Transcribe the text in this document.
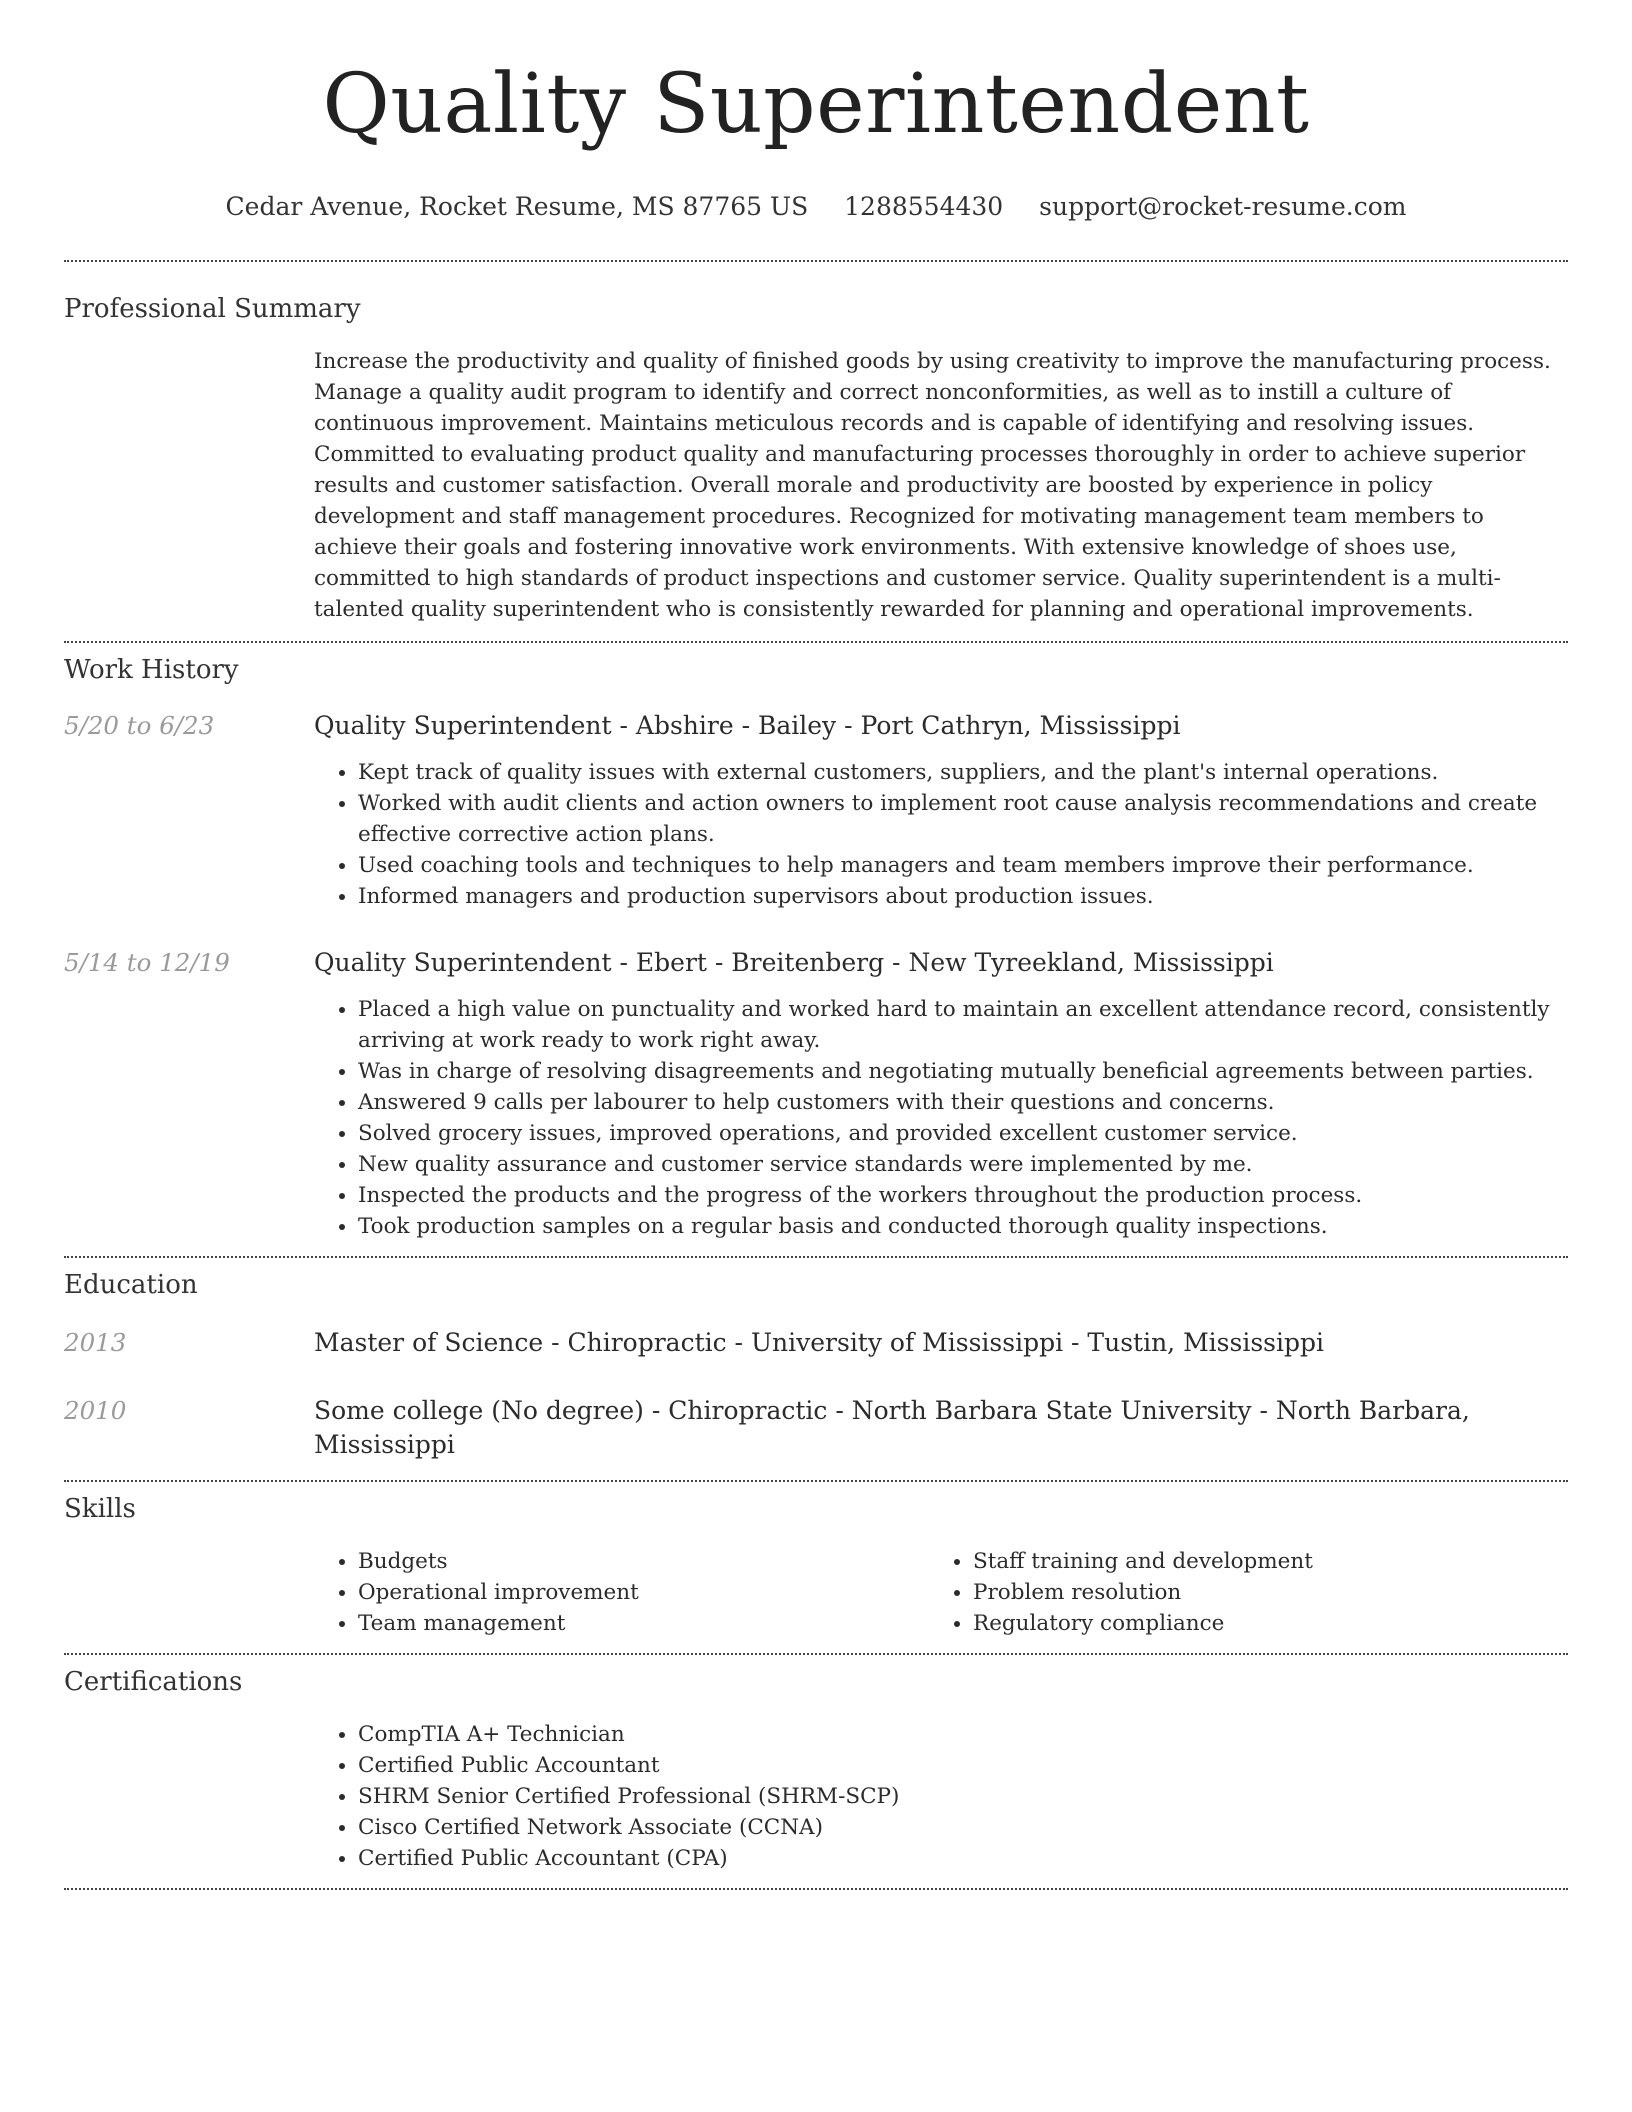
Quality Superintendent
Cedar Avenue, Rocket Resume, MS 87765 US 1288554430 support@rocket-resume.com
Professional Summary
Increase the productivity and quality of finished goods by using creativity to improve the manufacturing process. Manage a quality audit program to identify and correct nonconformities, as well as to instill a culture of continuous improvement. Maintains meticulous records and is capable of identifying and resolving issues. Committed to evaluating product quality and manufacturing processes thoroughly in order to achieve superior results and customer satisfaction. Overall morale and productivity are boosted by experience in policy development and staff management procedures. Recognized for motivating management team members to achieve their goals and fostering innovative work environments. With extensive knowledge of shoes use, committed to high standards of product inspections and customer service. Quality superintendent is a multi-talented quality superintendent who is consistently rewarded for planning and operational improvements.
Work History
5/20 to 6/23	Quality Superintendent - Abshire - Bailey - Port Cathryn, Mississippi
• Kept track of quality issues with external customers, suppliers, and the plant's internal operations.
• Worked with audit clients and action owners to implement root cause analysis recommendations and create effective corrective action plans.
• Used coaching tools and techniques to help managers and team members improve their performance.
• Informed managers and production supervisors about production issues.
5/14 to 12/19	Quality Superintendent - Ebert - Breitenberg - New Tyreekland, Mississippi
• Placed a high value on punctuality and worked hard to maintain an excellent attendance record, consistently arriving at work ready to work right away.
• Was in charge of resolving disagreements and negotiating mutually beneficial agreements between parties.
• Answered 9 calls per labourer to help customers with their questions and concerns.
• Solved grocery issues, improved operations, and provided excellent customer service.
• New quality assurance and customer service standards were implemented by me.
• Inspected the products and the progress of the workers throughout the production process.
• Took production samples on a regular basis and conducted thorough quality inspections.
Education
2013	Master of Science - Chiropractic - University of Mississippi - Tustin, Mississippi
2010	Some college (No degree) - Chiropractic - North Barbara State University - North Barbara, Mississippi
Skills
• Budgets
• Operational improvement
• Team management
• Staff training and development
• Problem resolution
• Regulatory compliance
Certifications
• CompTIA A+ Technician
• Certified Public Accountant
• SHRM Senior Certified Professional (SHRM-SCP)
• Cisco Certified Network Associate (CCNA)
• Certified Public Accountant (CPA)
